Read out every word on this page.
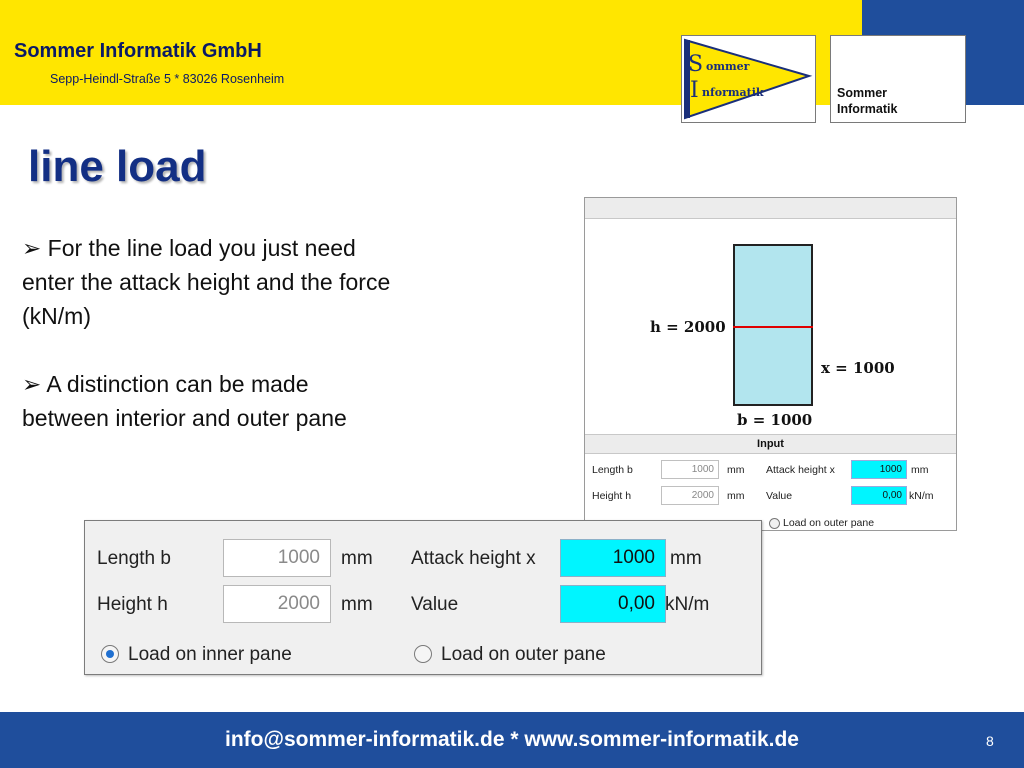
Sommer Informatik GmbH
Sepp-Heindl-Straße 5 * 83026 Rosenheim
S ommer
I nformatik	Sommer
Informatik
line load
➢ For the line load you just need enter the attack height and the force (kN/m)
➢ A distinction can be made between interior and outer pane
h = 2000
x = 1000
b = 1000
Input
Length b	1000	mm Attack height x	1000 mm
Height h	2000	mm Value	0,00 kN/m
Load on outer pane
Length b	1000	mm Attack height x	1000 mm
Height h	2000	mm Value	0,00 kN/m
Load on inner pane	Load on outer pane
info@sommer-informatik.de * www.sommer-informatik.de	8
